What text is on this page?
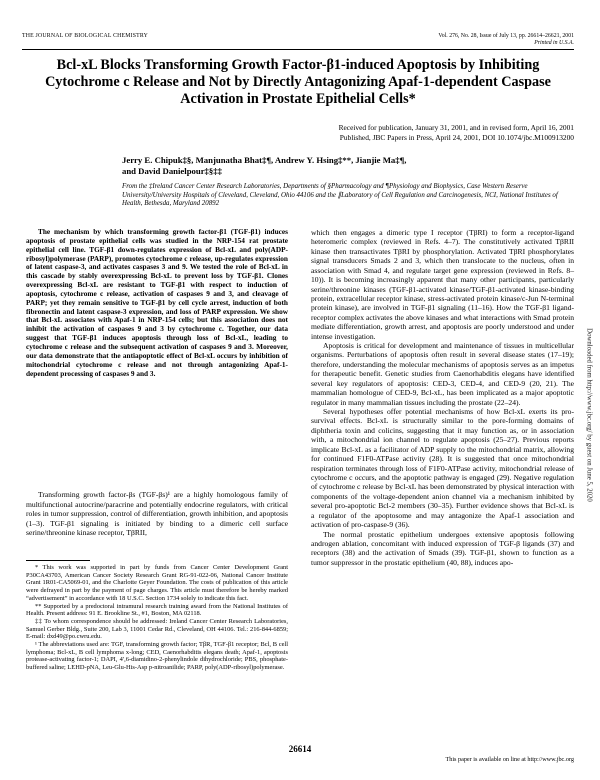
THE JOURNAL OF BIOLOGICAL CHEMISTRY	Vol. 276, No. 28, Issue of July 13, pp. 26614–26621, 2001
Printed in U.S.A.
Bcl-xL Blocks Transforming Growth Factor-β1-induced Apoptosis by Inhibiting Cytochrome c Release and Not by Directly Antagonizing Apaf-1-dependent Caspase Activation in Prostate Epithelial Cells*
Received for publication, January 31, 2001, and in revised form, April 16, 2001
Published, JBC Papers in Press, April 24, 2001, DOI 10.1074/jbc.M100913200
Jerry E. Chipuk‡§, Manjunatha Bhat‡¶, Andrew Y. Hsing‡**, Jianjie Ma‡¶,
and David Danielpour‡§‡‡
From the ‡Ireland Cancer Center Research Laboratories, Departments of §Pharmacology and ¶Physiology and Biophysics, Case Western Reserve University/University Hospitals of Cleveland, Cleveland, Ohio 44106 and the ∥Laboratory of Cell Regulation and Carcinogenesis, NCI, National Institutes of Health, Bethesda, Maryland 20892
The mechanism by which transforming growth factor-β1 (TGF-β1) induces apoptosis of prostate epithelial cells was studied in the NRP-154 rat prostate epithelial cell line. TGF-β1 down-regulates expression of Bcl-xL and poly(ADP-ribosyl)polymerase (PARP), promotes cytochrome c release, up-regulates expression of latent caspase-3, and activates caspases 3 and 9. We tested the role of Bcl-xL in this cascade by stably overexpressing Bcl-xL to prevent loss by TGF-β1. Clones overexpressing Bcl-xL are resistant to TGF-β1 with respect to induction of apoptosis, cytochrome c release, activation of caspases 9 and 3, and cleavage of PARP; yet they remain sensitive to TGF-β1 by cell cycle arrest, induction of both fibronectin and latent caspase-3 expression, and loss of PARP expression. We show that Bcl-xL associates with Apaf-1 in NRP-154 cells; but this association does not inhibit the activation of caspases 9 and 3 by cytochrome c. Together, our data suggest that TGF-β1 induces apoptosis through loss of Bcl-xL, leading to cytochrome c release and the subsequent activation of caspases 9 and 3. Moreover, our data demonstrate that the antiapoptotic effect of Bcl-xL occurs by inhibition of mitochondrial cytochrome c release and not through antagonizing Apaf-1-dependent processing of caspases 9 and 3.
Transforming growth factor-βs (TGF-βs)¹ are a highly homologous family of multifunctional autocrine/paracrine and potentially endocrine regulators, with critical roles in tumor suppression, control of differentiation, growth inhibition, and apoptosis (1–3). TGF-β1 signaling is initiated by binding to a dimeric cell surface serine/threonine kinase receptor, TβRII,

* This work was supported in part by funds from Cancer Center Development Grant P30CA43703, American Cancer Society Research Grant RG-91-022-06, National Cancer Institute Grant 1R01-CA5069-01, and the Charlotte Geyer Foundation. The costs of publication of this article were defrayed in part by the payment of page charges. This article must therefore be hereby marked “advertisement” in accordance with 18 U.S.C. Section 1734 solely to indicate this fact.

** Supported by a predoctoral intramural research training award from the National Institutes of Health. Present address: 91 E. Brookline St., #1, Boston, MA 02118.

‡‡ To whom correspondence should be addressed: Ireland Cancer Center Research Laboratories, Samuel Gerber Bldg., Suite 200, Lab 3, 11001 Cedar Rd., Cleveland, OH 44106. Tel.: 216-844-6859; E-mail: dxd49@po.cwru.edu.

¹ The abbreviations used are: TGF, transforming growth factor; TβR, TGF-β1 receptor; Bcl, B cell lymphoma; Bcl-xL, B cell lymphoma x-long; CED, Caenorhabditis elegans death; Apaf-1, apoptosis protease-activating factor-1; DAPI, 4′,6-diamidino-2-phenylindole dihydrochloride; PBS, phosphate-buffered saline; LEHD-pNA, Leu-Glu-His-Asp p-nitroanilide; PARP, poly(ADP-ribosyl)polymerase.

which then engages a dimeric type I receptor (TβRI) to form a receptor-ligand heteromeric complex (reviewed in Refs. 4–7). The constitutively activated TβRII kinase then transactivates TβRI by phosphorylation. Activated TβRI phosphorylates signal transducers Smads 2 and 3, which then translocate to the nucleus, often in association with Smad 4, and regulate target gene expression (reviewed in Refs. 8–10)). It is becoming increasingly apparent that many other participants, particularly serine/threonine kinases (TGF-β1-activated kinase/TGF-β1-activated kinase-binding protein, extracellular receptor kinase, stress-activated protein kinase/c-Jun N-terminal protein kinase), are involved in TGF-β1 signaling (11–16). How the TGF-β1 ligand-receptor complex activates the above kinases and what interactions with Smad protein mediate differentiation, growth arrest, and apoptosis are poorly understood and under intense investigation.

Apoptosis is critical for development and maintenance of tissues in multicellular organisms. Perturbations of apoptosis often result in several disease states (17–19); therefore, understanding the molecular mechanisms of apoptosis serves as an impetus for therapeutic benefit. Genetic studies from Caenorhabditis elegans have identified several key regulators of apoptosis: CED-3, CED-4, and CED-9 (20, 21). The mammalian homologue of CED-9, Bcl-xL, has been implicated as a major apoptotic regulator in many mammalian tissues including the prostate (22–24).

Several hypotheses offer potential mechanisms of how Bcl-xL exerts its pro-survival effects. Bcl-xL is structurally similar to the pore-forming domains of diphtheria toxin and colicins, suggesting that it may function as, or in association with, a mitochondrial ion channel to regulate apoptosis (25–27). Previous reports implicate Bcl-xL as a facilitator of ADP supply to the mitochondrial matrix, allowing for continued F1F0-ATPase activity (28). It is suggested that once mitochondrial respiration terminates through loss of F1F0-ATPase activity, mitochondrial release of cytochrome c occurs, and the apoptotic pathway is engaged (29). Negative regulation of cytochrome c release by Bcl-xL has been demonstrated by physical interaction with components of the voltage-dependent anion channel via a mechanism inhibited by several pro-apoptotic Bcl-2 members (30–35). Further evidence shows that Bcl-xL is a regulator of the apoptosome and may antagonize the Apaf-1 association and activation of pro-caspase-9 (36).

The normal prostatic epithelium undergoes extensive apoptosis following androgen ablation, concomitant with induced expression of TGF-β ligands (37) and receptors (38) and the activation of Smads (39). TGF-β1, shown to function as a tumor suppressor in the prostatic epithelium (40, 88), induces apo-

26614
This paper is available on line at http://www.jbc.org
Downloaded from http://www.jbc.org/ by guest on June 5, 2020
